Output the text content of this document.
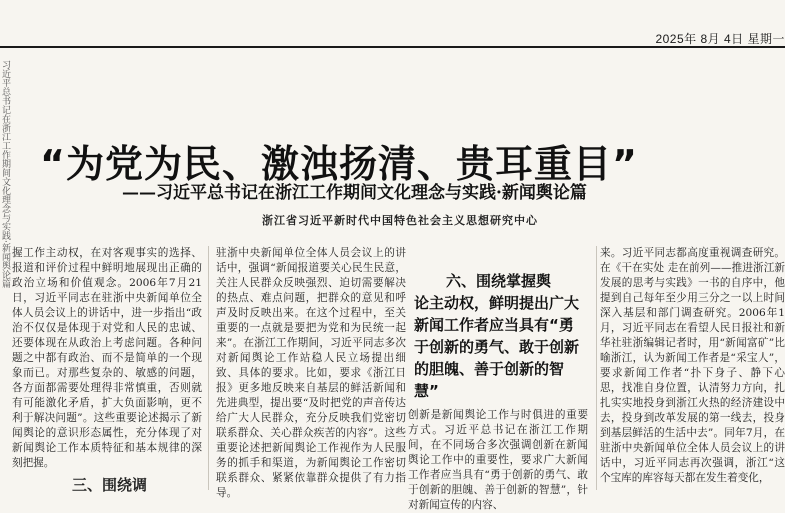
2025年 8月 4日 星期一
习近平总书记在浙江工作期间文化理念与实践·新闻舆论篇 “为党为民、激浊扬清、贵耳重目”
——习近平总书记在浙江工作期间文化理念与实践·新闻舆论篇
浙江省习近平新时代中国特色社会主义思想研究中心
握工作主动权，在对客观事实的选择、报道和评价过程中鲜明地展现出正确的政治立场和价值观念。2006年7月21日，习近平同志在驻浙中央新闻单位全体人员会议上的讲话中，进一步指出“政治不仅仅是体现于对党和人民的忠诚、还要体现在从政治上考虑问题。各种问题之中都有政治、而不是简单的一个现象而已。对那些复杂的、敏感的问题，各方面都需要处理得非常慎重，否则就有可能激化矛盾，扩大负面影响，更不利于解决问题”。这些重要论述揭示了新闻舆论的意识形态属性，充分体现了对新闻舆论工作本质特征和基本规律的深刻把握。
驻浙中央新闻单位全体人员会议上的讲话中，强调“新闻报道要关心民生民意，关注人民群众反映强烈、迫切需要解决的热点、难点问题，把群众的意见和呼声及时反映出来。在这个过程中，至关重要的一点就是要把为党和为民统一起来”。在浙江工作期间，习近平同志多次对新闻舆论工作站稳人民立场提出细致、具体的要求。比如，要求《浙江日报》更多地反映来自基层的鲜活新闻和先进典型，提出要“及时把党的声音传达给广大人民群众，充分反映我们党密切联系群众、关心群众疾苦的内容”。这些重要论述把新闻舆论工作视作为人民服务的抓手和渠道，为新闻舆论工作密切联系群众、紧紧依靠群众提供了有力指导。
六、围绕掌握舆
论主动权，鲜明提出广大新闻工作者应当具有“勇于创新的勇气、敢于创新的胆魄、善于创新的智慧”
创新是新闻舆论工作与时俱进的重要方式。习近平总书记在浙江工作期间，在不同场合多次强调创新在新闻舆论工作中的重要性，要求广大新闻工作者应当具有“勇于创新的勇气、敢于创新的胆魄、善于创新的智慧”，针对新闻宣传的内容、
来。习近平同志都高度重视调查研究。在《干在实处 走在前列——推进浙江新发展的思考与实践》一书的自序中，他提到自己每年至少用三分之一以上时间深入基层和部门调查研究。2006年1月，习近平同志在看望人民日报社和新华社驻浙编辑记者时，用“新闻富矿”比喻浙江，认为新闻工作者是“采宝人”，要求新闻工作者“扑下身子、静下心思，找准自身位置，认清努力方向，扎扎实实地投身到浙江火热的经济建设中去，投身到改革发展的第一线去，投身到基层鲜活的生活中去”。同年7月，在驻浙中央新闻单位全体人员会议上的讲话中，习近平同志再次强调，浙江“这个宝库的库容每天都在发生着变化，
三、围绕调
